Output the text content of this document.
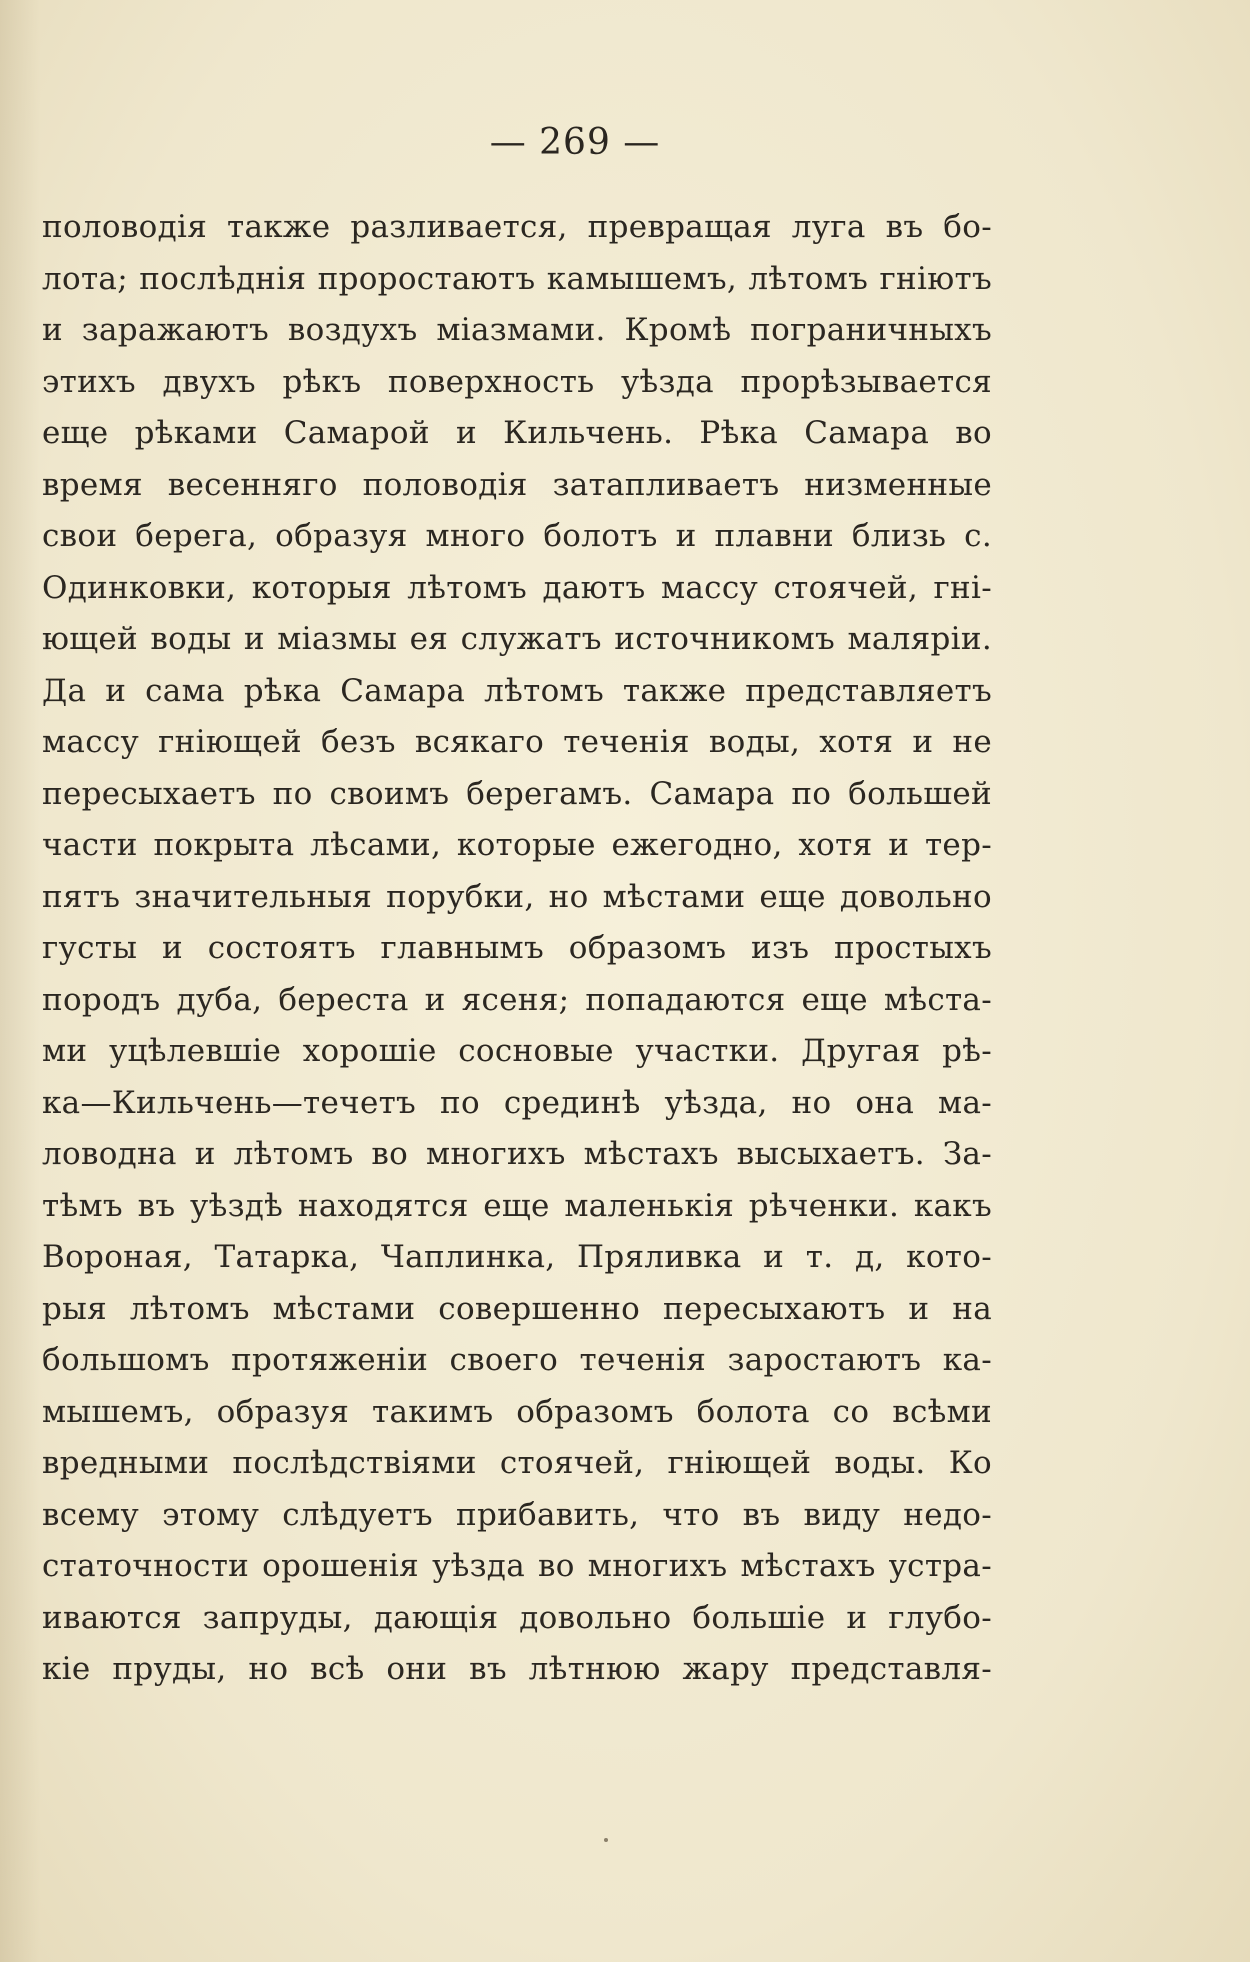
— 269 —
половодія также разливается, превращая луга въ бо-
лота; послѣднія проростаютъ камышемъ, лѣтомъ гніютъ
и заражаютъ воздухъ міазмами. Кромѣ пограничныхъ
этихъ двухъ рѣкъ поверхность уѣзда прорѣзывается
еще рѣками Самарой и Кильчень. Рѣка Самара во
время весенняго половодія затапливаетъ низменные
свои берега, образуя много болотъ и плавни близь с.
Одинковки, которыя лѣтомъ даютъ массу стоячей, гні-
ющей воды и міазмы ея служатъ источникомъ маляріи.
Да и сама рѣка Самара лѣтомъ также представляетъ
массу гніющей безъ всякаго теченія воды, хотя и не
пересыхаетъ по своимъ берегамъ. Самара по большей
части покрыта лѣсами, которые ежегодно, хотя и тер-
пятъ значительныя порубки, но мѣстами еще довольно
густы и состоятъ главнымъ образомъ изъ простыхъ
породъ дуба, береста и ясеня; попадаются еще мѣста-
ми уцѣлевшіе хорошіе сосновые участки. Другая рѣ-
ка—Кильчень—течетъ по срединѣ уѣзда, но она ма-
ловодна и лѣтомъ во многихъ мѣстахъ высыхаетъ. За-
тѣмъ въ уѣздѣ находятся еще маленькія рѣченки. какъ
Вороная, Татарка, Чаплинка, Пряливка и т. д, кото-
рыя лѣтомъ мѣстами совершенно пересыхаютъ и на
большомъ протяженіи своего теченія заростаютъ ка-
мышемъ, образуя такимъ образомъ болота со всѣми
вредными послѣдствіями стоячей, гніющей воды. Ко
всему этому слѣдуетъ прибавить, что въ виду недо-
статочности орошенія уѣзда во многихъ мѣстахъ устра-
иваются запруды, дающія довольно большіе и глубо-
кіе пруды, но всѣ они въ лѣтнюю жару представля-
